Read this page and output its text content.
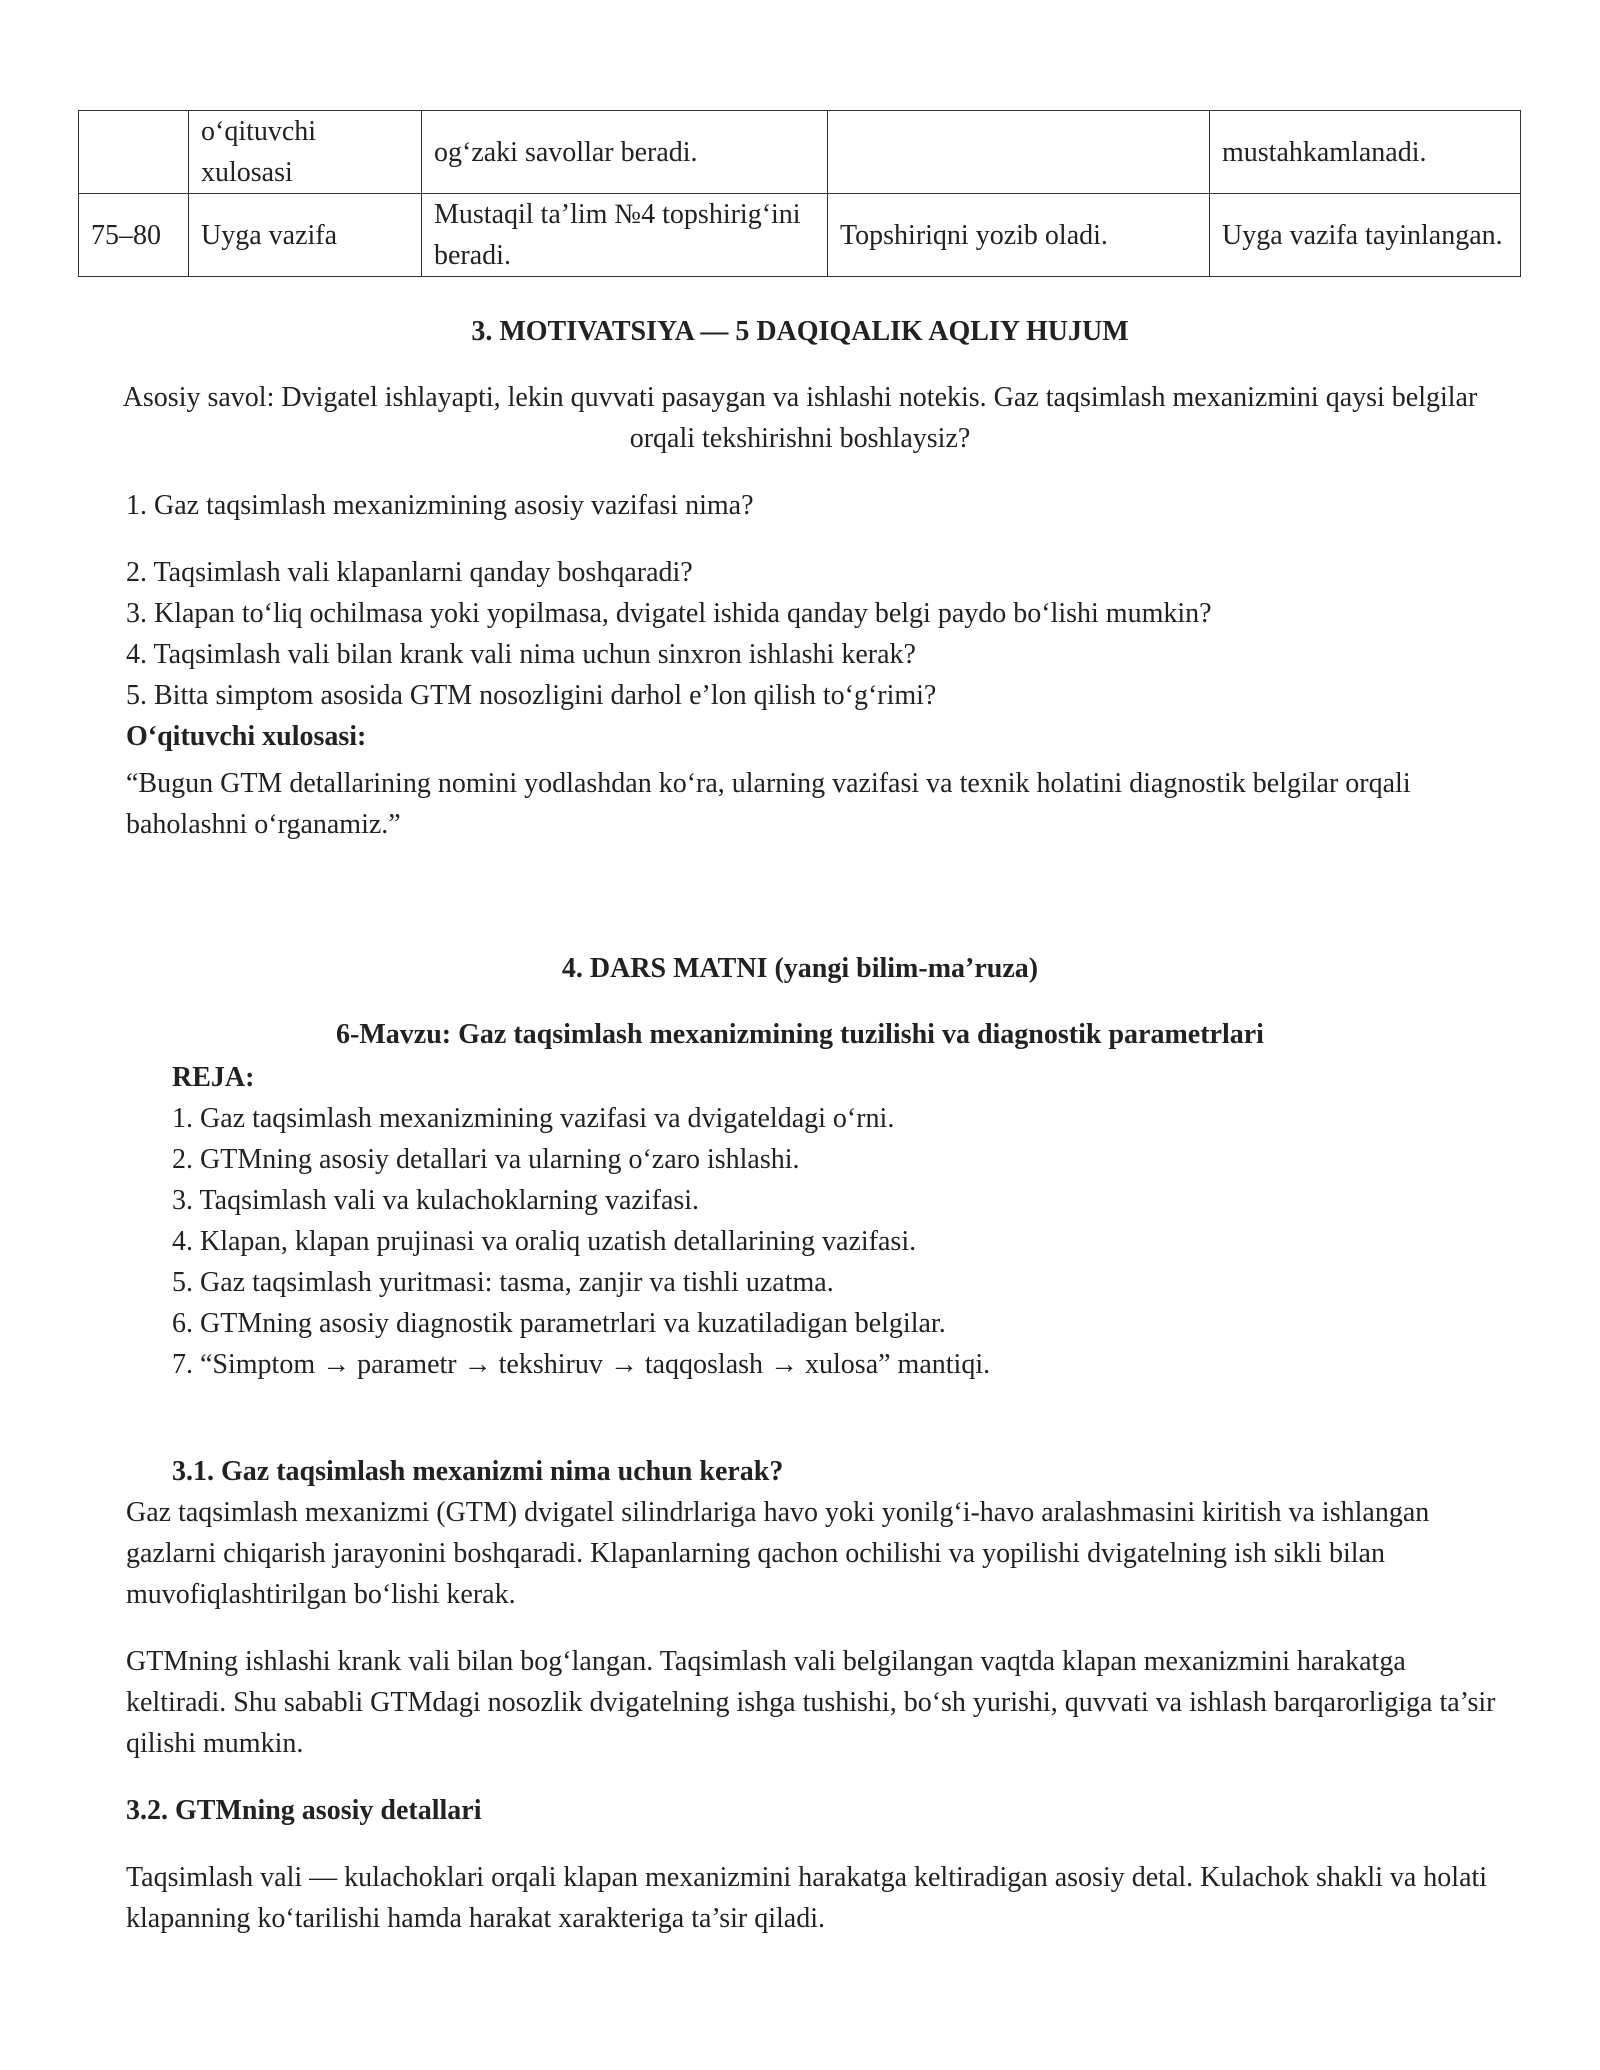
	o‘qituvchi xulosasi	og‘zaki savollar beradi.		mustahkamlanadi.
75–80	Uyga vazifa	Mustaqil ta’lim №4 topshirig‘ini beradi.	Topshiriqni yozib oladi.	Uyga vazifa tayinlangan.
3. MOTIVATSIYA — 5 DAQIQALIK AQLIY HUJUM
Asosiy savol: Dvigatel ishlayapti, lekin quvvati pasaygan va ishlashi notekis. Gaz taqsimlash mexanizmini qaysi belgilar orqali tekshirishni boshlaysiz?
1. Gaz taqsimlash mexanizmining asosiy vazifasi nima?
2. Taqsimlash vali klapanlarni qanday boshqaradi?
3. Klapan to‘liq ochilmasa yoki yopilmasa, dvigatel ishida qanday belgi paydo bo‘lishi mumkin?
4. Taqsimlash vali bilan krank vali nima uchun sinxron ishlashi kerak?
5. Bitta simptom asosida GTM nosozligini darhol e’lon qilish to‘g‘rimi?
O‘qituvchi xulosasi:
“Bugun GTM detallarining nomini yodlashdan ko‘ra, ularning vazifasi va texnik holatini diagnostik belgilar orqali baholashni o‘rganamiz.”
4. DARS MATNI (yangi bilim-ma’ruza)
6-Mavzu: Gaz taqsimlash mexanizmining tuzilishi va diagnostik parametrlari
REJA:
1. Gaz taqsimlash mexanizmining vazifasi va dvigateldagi o‘rni.
2. GTMning asosiy detallari va ularning o‘zaro ishlashi.
3. Taqsimlash vali va kulachoklarning vazifasi.
4. Klapan, klapan prujinasi va oraliq uzatish detallarining vazifasi.
5. Gaz taqsimlash yuritmasi: tasma, zanjir va tishli uzatma.
6. GTMning asosiy diagnostik parametrlari va kuzatiladigan belgilar.
7. “Simptom → parametr → tekshiruv → taqqoslash → xulosa” mantiqi.
3.1. Gaz taqsimlash mexanizmi nima uchun kerak?
Gaz taqsimlash mexanizmi (GTM) dvigatel silindrlariga havo yoki yonilg‘i-havo aralashmasini kiritish va ishlangan gazlarni chiqarish jarayonini boshqaradi. Klapanlarning qachon ochilishi va yopilishi dvigatelning ish sikli bilan muvofiqlashtirilgan bo‘lishi kerak.
GTMning ishlashi krank vali bilan bog‘langan. Taqsimlash vali belgilangan vaqtda klapan mexanizmini harakatga keltiradi. Shu sababli GTMdagi nosozlik dvigatelning ishga tushishi, bo‘sh yurishi, quvvati va ishlash barqarorligiga ta’sir qilishi mumkin.
3.2. GTMning asosiy detallari
Taqsimlash vali — kulachoklari orqali klapan mexanizmini harakatga keltiradigan asosiy detal. Kulachok shakli va holati klapanning ko‘tarilishi hamda harakat xarakteriga ta’sir qiladi.
